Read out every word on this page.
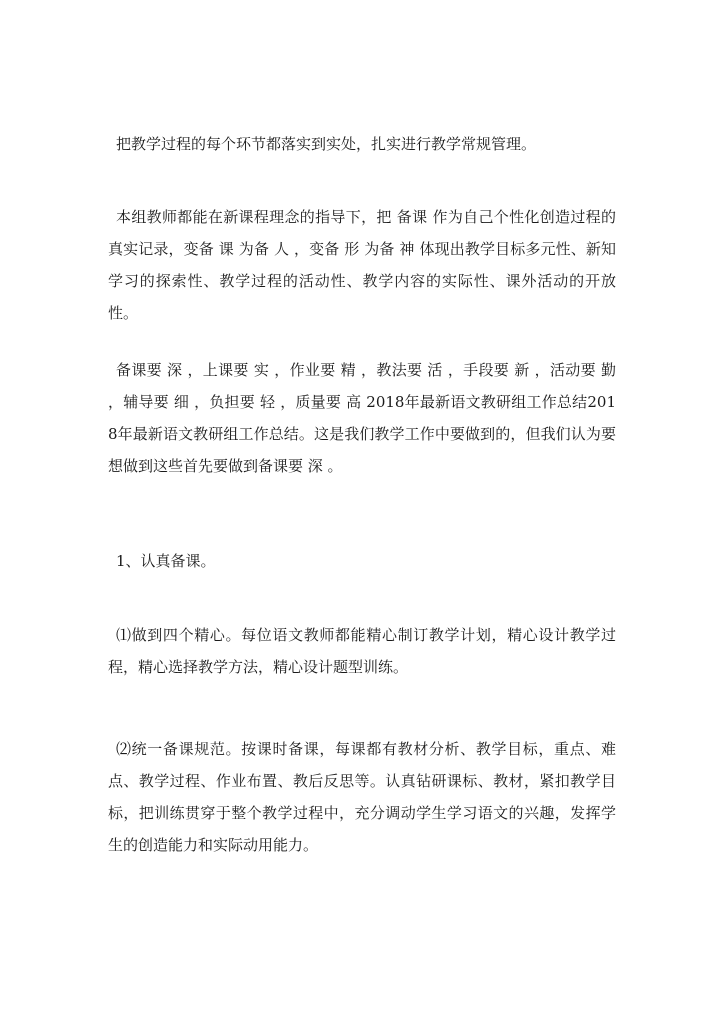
把教学过程的每个环节都落实到实处，扎实进行教学常规管理。

本组教师都能在新课程理念的指导下，把 备课 作为自己个性化创造过程的真实记录，变备 课 为备 人 ，变备 形 为备 神 体现出教学目标多元性、新知学习的探索性、教学过程的活动性、教学内容的实际性、课外活动的开放性。

备课要 深 ，上课要 实 ，作业要 精 ，教法要 活 ，手段要 新 ，活动要 勤 ，辅导要 细 ，负担要 轻 ，质量要 高 2018年最新语文教研组工作总结2018年最新语文教研组工作总结。这是我们教学工作中要做到的，但我们认为要想做到这些首先要做到备课要 深 。

1、认真备课。

⑴做到四个精心。每位语文教师都能精心制订教学计划，精心设计教学过程，精心选择教学方法，精心设计题型训练。

⑵统一备课规范。按课时备课，每课都有教材分析、教学目标，重点、难点、教学过程、作业布置、教后反思等。认真钻研课标、教材，紧扣教学目标，把训练贯穿于整个教学过程中，充分调动学生学习语文的兴趣，发挥学生的创造能力和实际动用能力。
